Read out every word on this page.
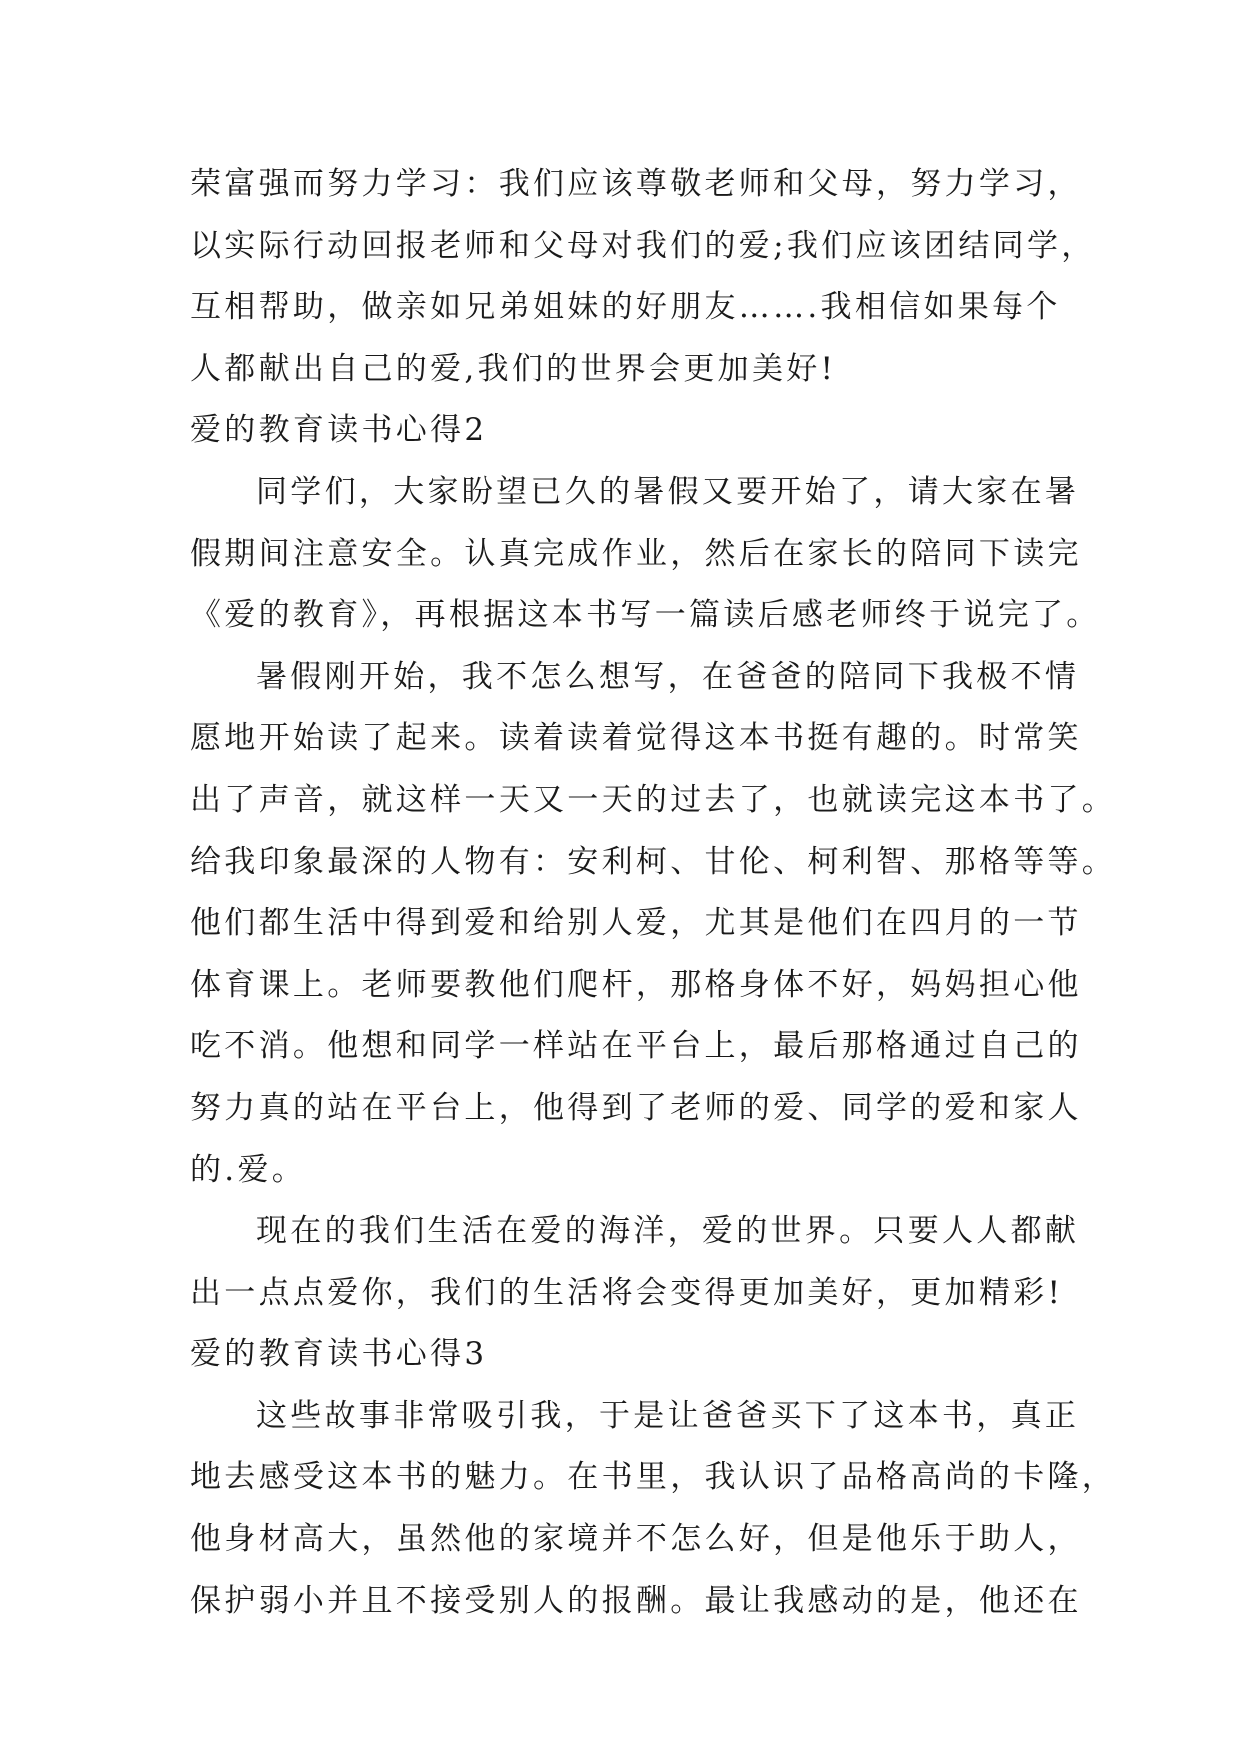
荣富强而努力学习：我们应该尊敬老师和父母，努力学习，
以实际行动回报老师和父母对我们的爱;我们应该团结同学，
互相帮助，做亲如兄弟姐妹的好朋友…….我相信如果每个
人都献出自己的爱,我们的世界会更加美好!
爱的教育读书心得2
同学们，大家盼望已久的暑假又要开始了，请大家在暑
假期间注意安全。认真完成作业，然后在家长的陪同下读完
《爱的教育》，再根据这本书写一篇读后感老师终于说完了。
暑假刚开始，我不怎么想写，在爸爸的陪同下我极不情
愿地开始读了起来。读着读着觉得这本书挺有趣的。时常笑
出了声音，就这样一天又一天的过去了，也就读完这本书了。
给我印象最深的人物有：安利柯、甘伦、柯利智、那格等等。
他们都生活中得到爱和给别人爱，尤其是他们在四月的一节
体育课上。老师要教他们爬杆，那格身体不好，妈妈担心他
吃不消。他想和同学一样站在平台上，最后那格通过自己的
努力真的站在平台上，他得到了老师的爱、同学的爱和家人
的.爱。
现在的我们生活在爱的海洋，爱的世界。只要人人都献
出一点点爱你，我们的生活将会变得更加美好，更加精彩!
爱的教育读书心得3
这些故事非常吸引我，于是让爸爸买下了这本书，真正
地去感受这本书的魅力。在书里，我认识了品格高尚的卡隆，
他身材高大，虽然他的家境并不怎么好，但是他乐于助人，
保护弱小并且不接受别人的报酬。最让我感动的是，他还在
